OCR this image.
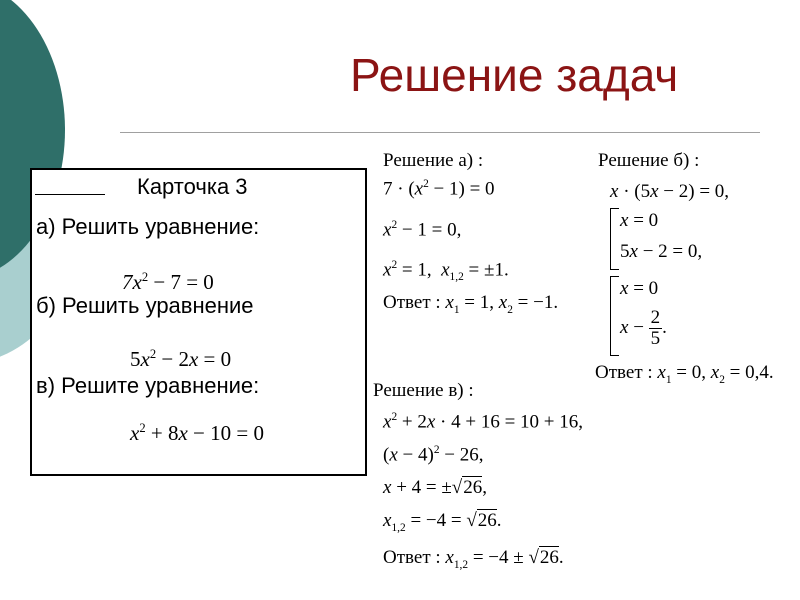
Решение задач
Карточка 3
а) Решить уравнение:
$7x^2 - 7 = 0$
б) Решить уравнение
$5x^2 - 2x = 0$
в) Решите уравнение:
$x^2 + 8x - 10 = 0$
Решение а) :
$7 \cdot (x^2 - 1) = 0$
$x^2 - 1 = 0$,
$x^2 = 1$,  $x_{1,2} = \pm 1$.
Ответ : $x_1 = 1$, $x_2 = -1$.
Решение б) :
x · (5x − 2) = 0,
x = 0
5x − 2 = 0,
x = 0
$x - \frac{2}{5}$ .
Ответ : $x_1 = 0$, $x_2 = 0,4$.
Решение в) :
$x^2 + 2x \cdot 4 + 16 = 10 + 16$,
$(x - 4)^2 - 26$,
x + 4 = ±√26,
$x_{1,2} = -4 = √26$.
Ответ : $x_{1,2} = -4 \pm √26$.
